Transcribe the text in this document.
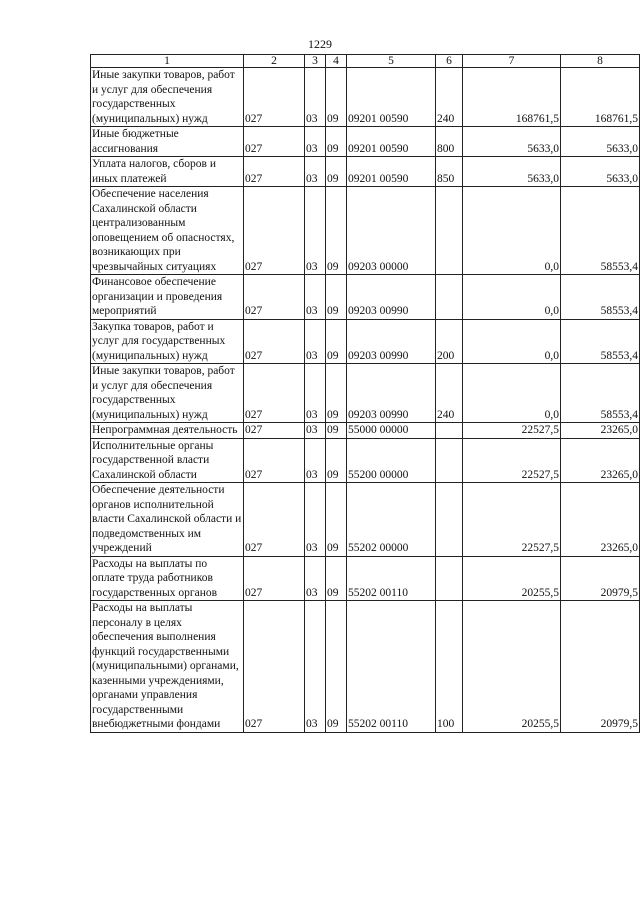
1229
1	2	3	4	5	6	7	8
Иные закупки товаров, работ и услуг для обеспечения государственных (муниципальных) нужд	027	03	09	09201 00590	240	168761,5	168761,5
Иные бюджетные ассигнования	027	03	09	09201 00590	800	5633,0	5633,0
Уплата налогов, сборов и иных платежей	027	03	09	09201 00590	850	5633,0	5633,0
Обеспечение населения Сахалинской области централизованным оповещением об опасностях, возникающих при чрезвычайных ситуациях	027	03	09	09203 00000		0,0	58553,4
Финансовое обеспечение организации и проведения мероприятий	027	03	09	09203 00990		0,0	58553,4
Закупка товаров, работ и услуг для государственных (муниципальных) нужд	027	03	09	09203 00990	200	0,0	58553,4
Иные закупки товаров, работ и услуг для обеспечения государственных (муниципальных) нужд	027	03	09	09203 00990	240	0,0	58553,4
Непрограммная деятельность	027	03	09	55000 00000		22527,5	23265,0
Исполнительные органы государственной власти Сахалинской области	027	03	09	55200 00000		22527,5	23265,0
Обеспечение деятельности органов исполнительной власти Сахалинской области и подведомственных им учреждений	027	03	09	55202 00000		22527,5	23265,0
Расходы на выплаты по оплате труда работников государственных органов	027	03	09	55202 00110		20255,5	20979,5
Расходы на выплаты персоналу в целях обеспечения выполнения функций государственными (муниципальными) органами, казенными учреждениями, органами управления государственными внебюджетными фондами	027	03	09	55202 00110	100	20255,5	20979,5
